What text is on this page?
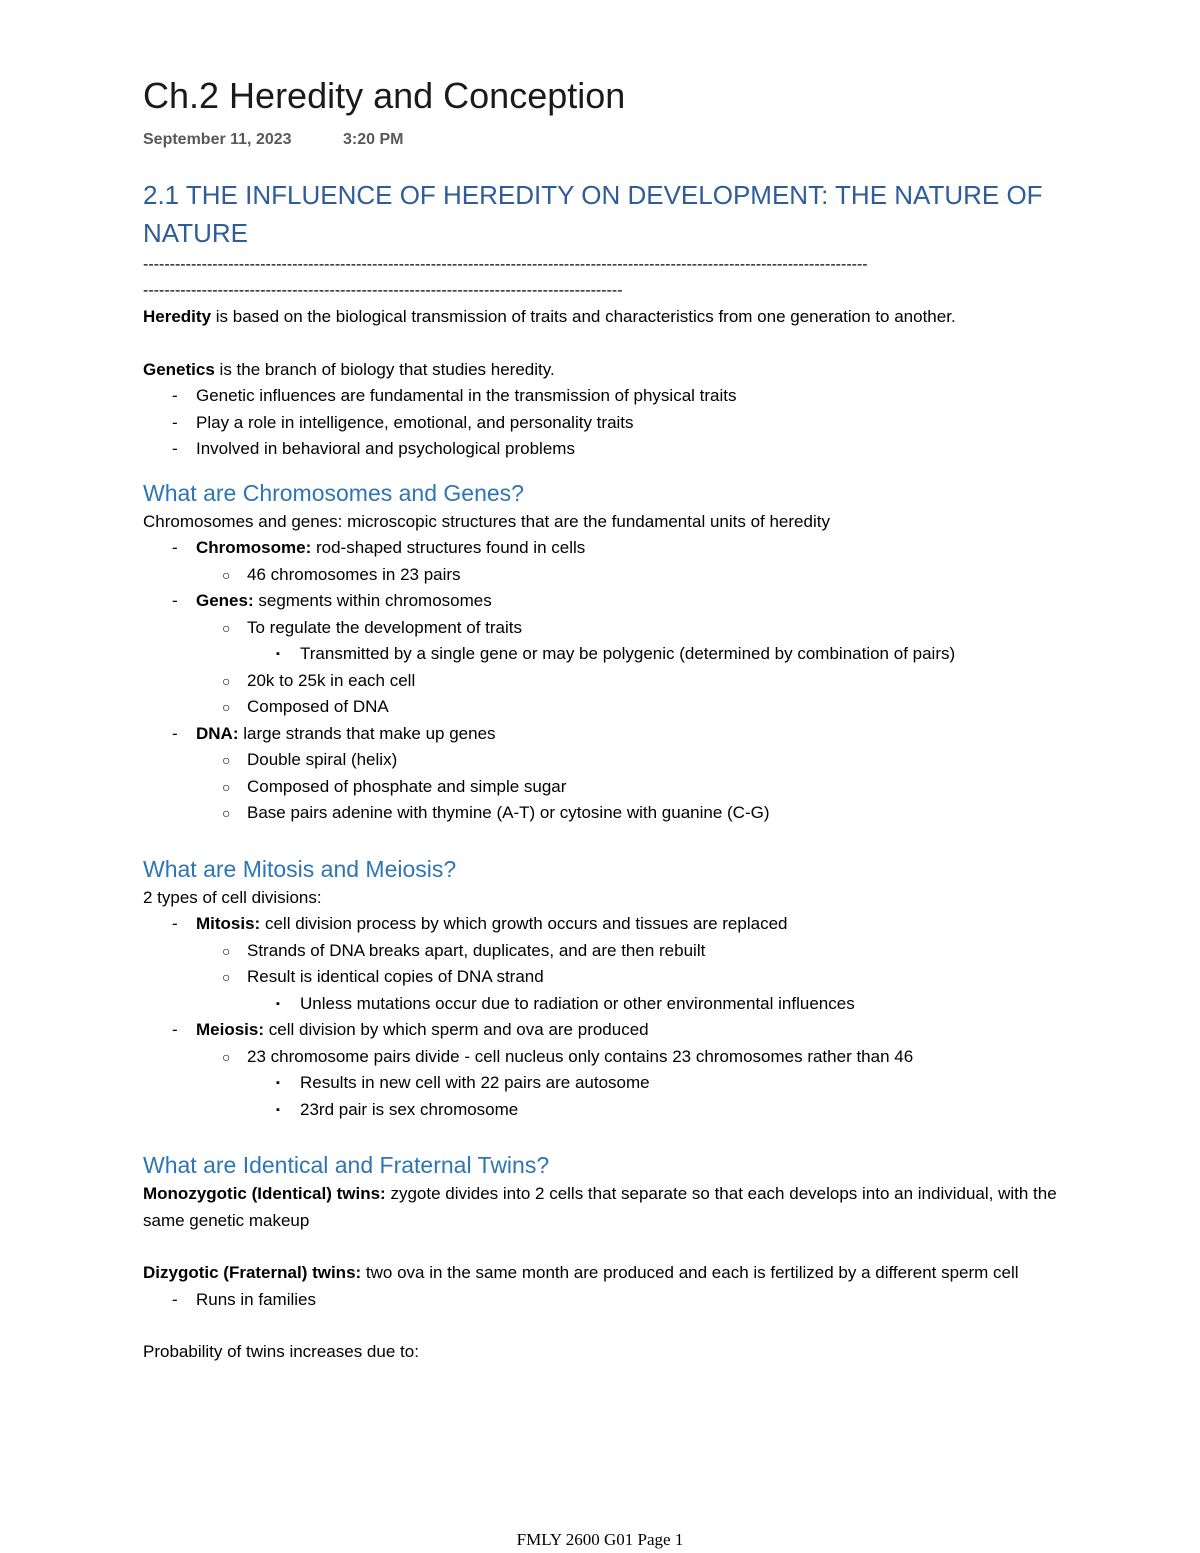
Ch.2 Heredity and Conception
September 11, 2023	3:20 PM
2.1 THE INFLUENCE OF HEREDITY ON DEVELOPMENT: THE NATURE OF NATURE
----------------------------------------------------------------------------------------------------------------------------------------
------------------------------------------------------------------------------------------

Heredity is based on the biological transmission of traits and characteristics from one generation to another.

Genetics is the branch of biology that studies heredity.

- Genetic influences are fundamental in the transmission of physical traits
- Play a role in intelligence, emotional, and personality traits
- Involved in behavioral and psychological problems
What are Chromosomes and Genes?

Chromosomes and genes: microscopic structures that are the fundamental units of heredity

- Chromosome: rod-shaped structures found in cells
○ 46 chromosomes in 23 pairs
- Genes: segments within chromosomes
○ To regulate the development of traits
▪ Transmitted by a single gene or may be polygenic (determined by combination of pairs)
○ 20k to 25k in each cell
○ Composed of DNA
- DNA: large strands that make up genes
○ Double spiral (helix)
○ Composed of phosphate and simple sugar
○ Base pairs adenine with thymine (A-T) or cytosine with guanine (C-G)
What are Mitosis and Meiosis?

2 types of cell divisions:

- Mitosis: cell division process by which growth occurs and tissues are replaced
○ Strands of DNA breaks apart, duplicates, and are then rebuilt
○ Result is identical copies of DNA strand
▪ Unless mutations occur due to radiation or other environmental influences
- Meiosis: cell division by which sperm and ova are produced
○ 23 chromosome pairs divide - cell nucleus only contains 23 chromosomes rather than 46
▪ Results in new cell with 22 pairs are autosome
▪ 23rd pair is sex chromosome
What are Identical and Fraternal Twins?

Monozygotic (Identical) twins: zygote divides into 2 cells that separate so that each develops into an individual, with the same genetic makeup

Dizygotic (Fraternal) twins: two ova in the same month are produced and each is fertilized by a different sperm cell

- Runs in families

Probability of twins increases due to:

FMLY 2600 G01 Page 1
